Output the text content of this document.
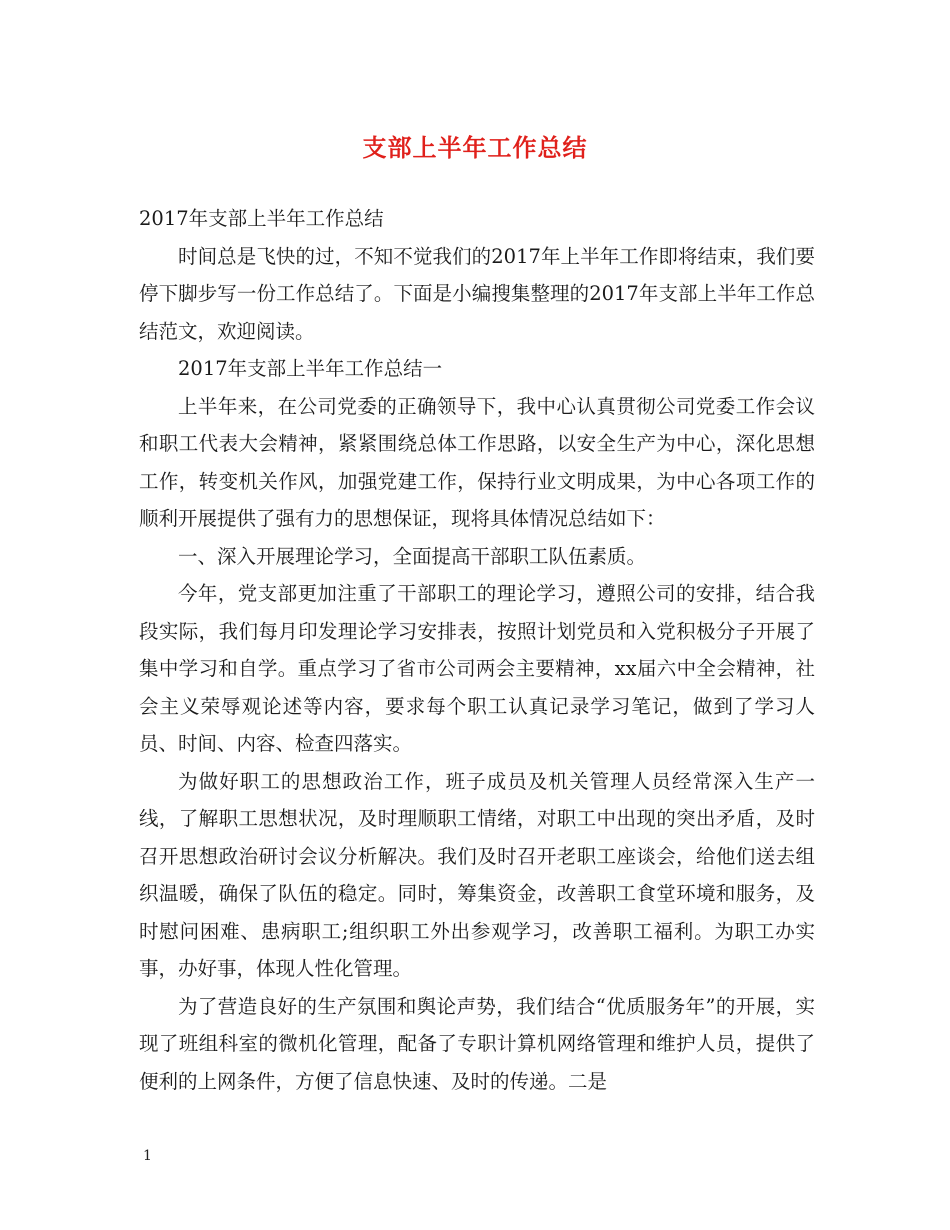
支部上半年工作总结

2017年支部上半年工作总结

时间总是飞快的过，不知不觉我们的2017年上半年工作即将结束，我们要停下脚步写一份工作总结了。下面是小编搜集整理的2017年支部上半年工作总结范文，欢迎阅读。

2017年支部上半年工作总结一

上半年来，在公司党委的正确领导下，我中心认真贯彻公司党委工作会议和职工代表大会精神，紧紧围绕总体工作思路，以安全生产为中心，深化思想工作，转变机关作风，加强党建工作，保持行业文明成果，为中心各项工作的顺利开展提供了强有力的思想保证，现将具体情况总结如下：

一、深入开展理论学习，全面提高干部职工队伍素质。

今年，党支部更加注重了干部职工的理论学习，遵照公司的安排，结合我段实际，我们每月印发理论学习安排表，按照计划党员和入党积极分子开展了集中学习和自学。重点学习了省市公司两会主要精神，xx届六中全会精神，社会主义荣辱观论述等内容，要求每个职工认真记录学习笔记，做到了学习人员、时间、内容、检查四落实。

为做好职工的思想政治工作，班子成员及机关管理人员经常深入生产一线，了解职工思想状况，及时理顺职工情绪，对职工中出现的突出矛盾，及时召开思想政治研讨会议分析解决。我们及时召开老职工座谈会，给他们送去组织温暖，确保了队伍的稳定。同时，筹集资金，改善职工食堂环境和服务，及时慰问困难、患病职工;组织职工外出参观学习，改善职工福利。为职工办实事，办好事，体现人性化管理。

为了营造良好的生产氛围和舆论声势，我们结合“优质服务年”的开展，实现了班组科室的微机化管理，配备了专职计算机网络管理和维护人员，提供了便利的上网条件，方便了信息快速、及时的传递。二是

1
